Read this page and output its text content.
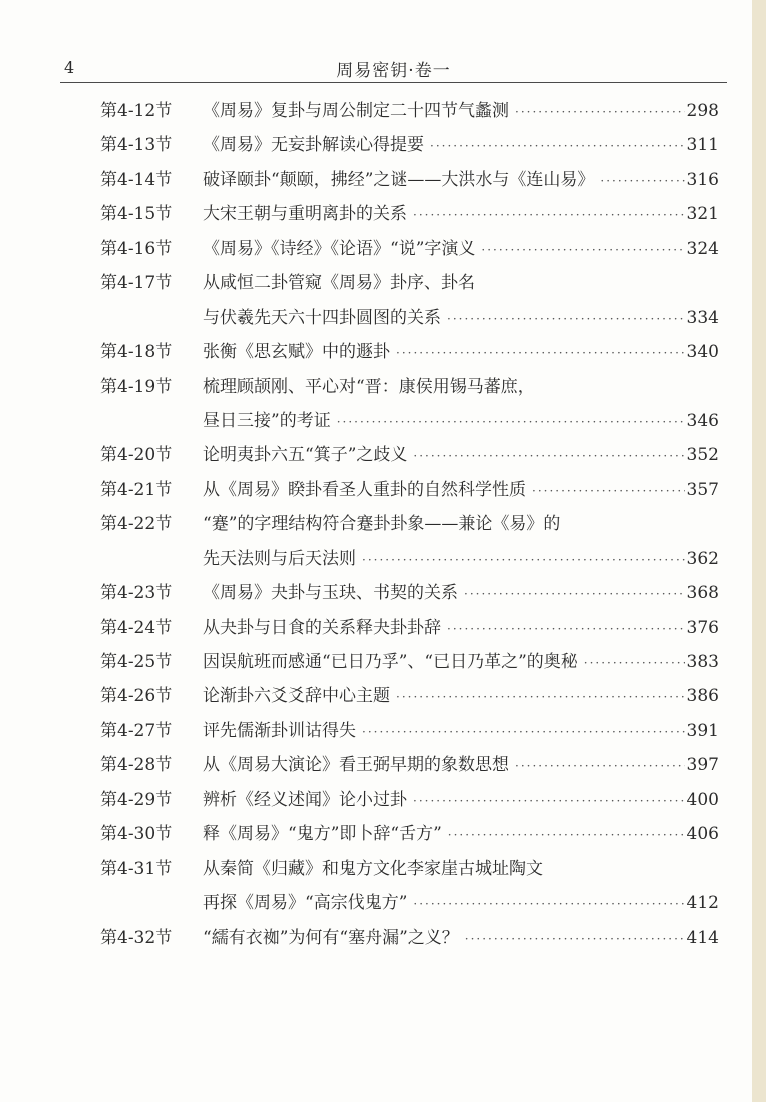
4	周易密钥·卷一
第4-12节 《周易》复卦与周公制定二十四节气蠡测 ·····	298
第4-13节 《周易》无妄卦解读心得提要 ·····	311
第4-14节 破译颐卦“颠颐，拂经”之谜——大洪水与《连山易》 ·····	316
第4-15节 大宋王朝与重明离卦的关系 ·····	321
第4-16节 《周易》《诗经》《论语》“说”字演义 ·····	324
第4-17节 从咸恒二卦管窥《周易》卦序、卦名
与伏羲先天六十四卦圆图的关系 ·····	334
第4-18节 张衡《思玄赋》中的遯卦 ·····	340
第4-19节 梳理顾颉刚、平心对“晋：康侯用锡马蕃庶，
昼日三接”的考证 ·····	346
第4-20节 论明夷卦六五“箕子”之歧义 ·····	352
第4-21节 从《周易》睽卦看圣人重卦的自然科学性质 ·····	357
第4-22节 “蹇”的字理结构符合蹇卦卦象——兼论《易》的
先天法则与后天法则 ·····	362
第4-23节 《周易》夬卦与玉玦、书契的关系 ·····	368
第4-24节 从夬卦与日食的关系释夬卦卦辞 ·····	376
第4-25节 因误航班而感通“已日乃孚”、“已日乃革之”的奥秘 ·····	383
第4-26节 论渐卦六爻爻辞中心主题 ·····	386
第4-27节 评先儒渐卦训诂得失 ·····	391
第4-28节 从《周易大演论》看王弼早期的象数思想 ·····	397
第4-29节 辨析《经义述闻》论小过卦 ·····	400
第4-30节 释《周易》“鬼方”即卜辞“舌方” ·····	406
第4-31节 从秦简《归藏》和鬼方文化李家崖古城址陶文
再探《周易》“高宗伐鬼方” ·····	412
第4-32节 “繻有衣袽”为何有“塞舟漏”之义？ ·····	414
